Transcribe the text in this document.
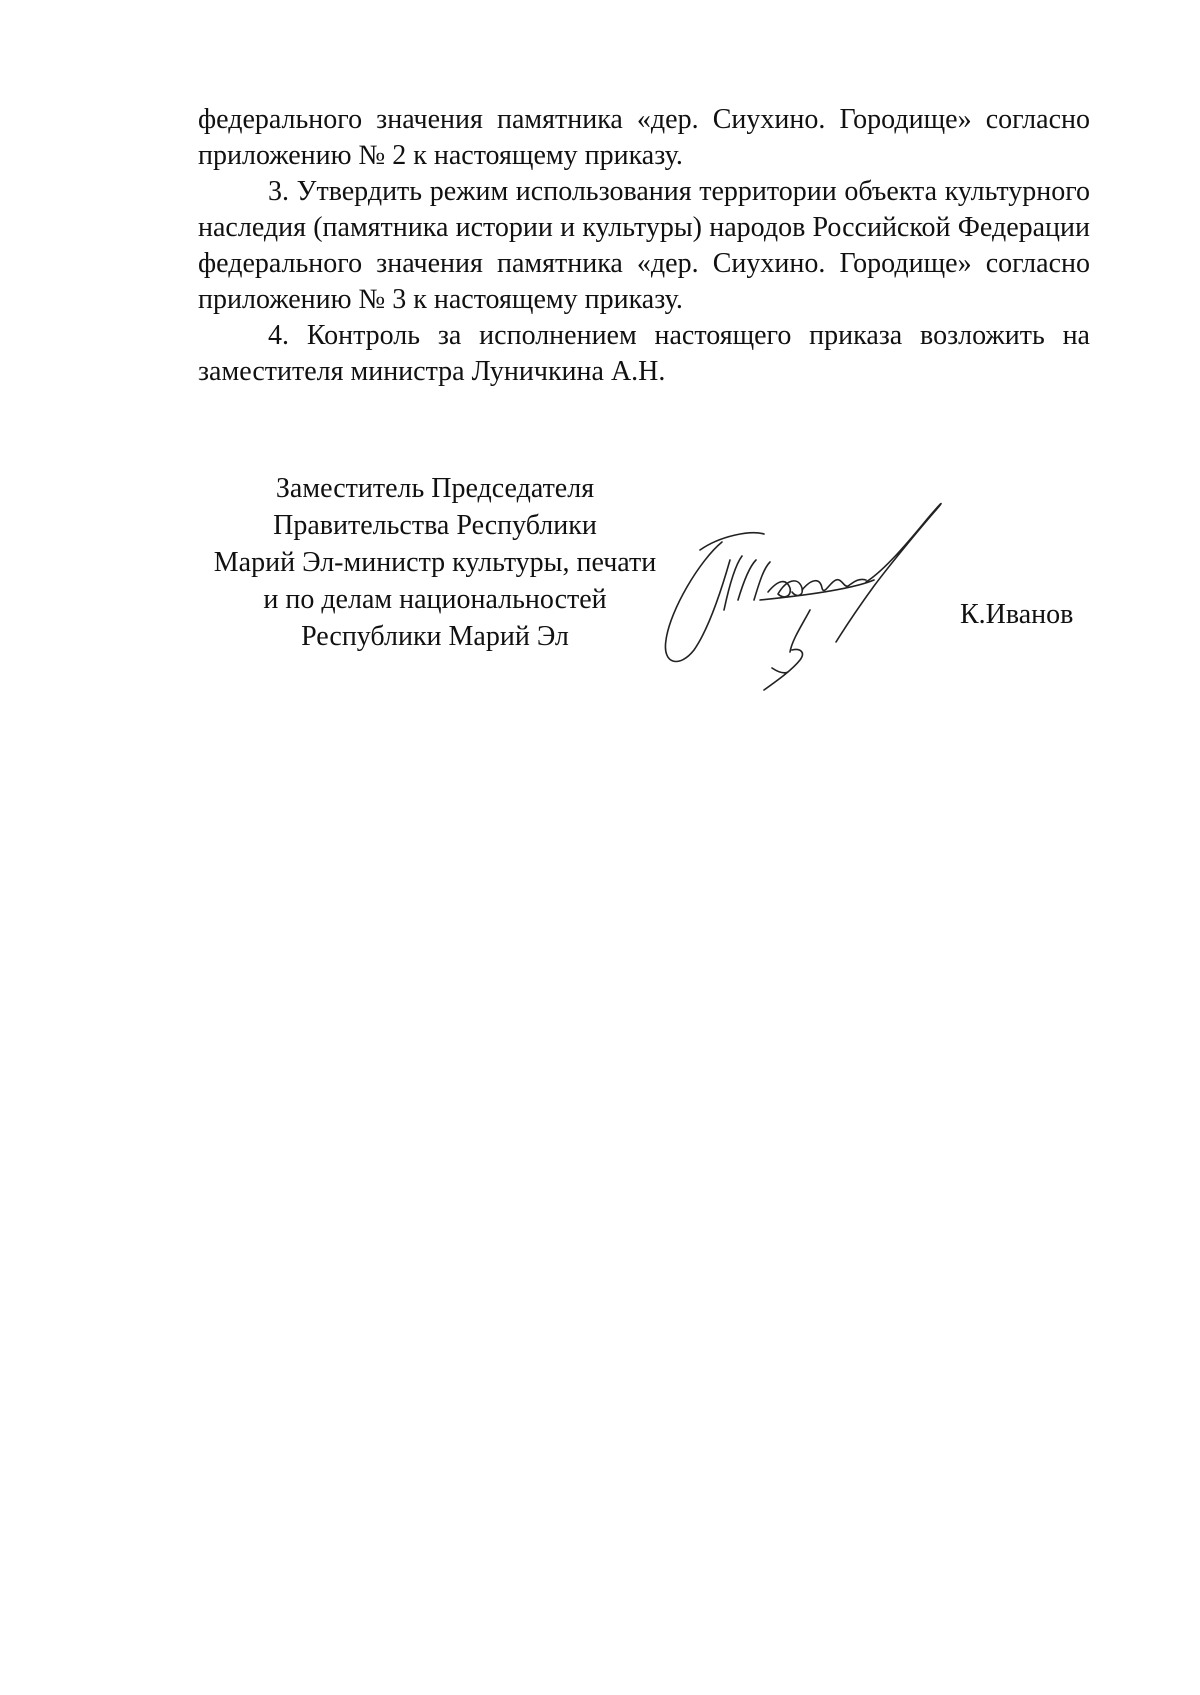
федерального значения памятника «дер. Сиухино. Городище» согласно приложению № 2 к настоящему приказу.

3. Утвердить режим использования территории объекта культурного наследия (памятника истории и культуры) народов Российской Федерации федерального значения памятника «дер. Сиухино. Городище» согласно приложению № 3 к настоящему приказу.

4. Контроль за исполнением настоящего приказа возложить на заместителя министра Луничкина А.Н.

Заместитель Председателя
Правительства Республики
Марий Эл-министр культуры, печати
и по делам национальностей
Республики Марий Эл
К.Иванов
